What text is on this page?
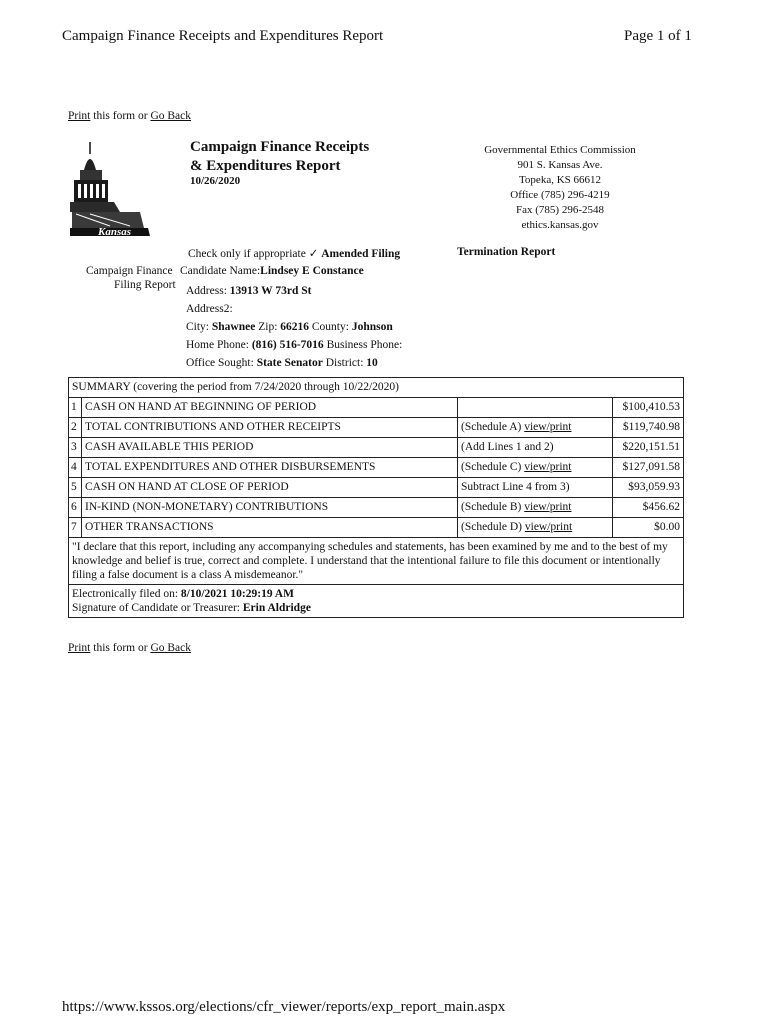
Campaign Finance Receipts and Expenditures Report	Page 1 of 1
Print this form or Go Back
Kansas
Campaign Finance Receipts
& Expenditures Report
10/26/2020
Governmental Ethics Commission
901 S. Kansas Ave.
Topeka, KS 66612
Office (785) 296-4219
Fax (785) 296-2548
ethics.kansas.gov
Check only if appropriate ✓ Amended Filing	Termination Report
Campaign Finance
Filing Report
Candidate Name:Lindsey E Constance
Address: 13913 W 73rd St
Address2:
City: Shawnee Zip: 66216 County: Johnson
Home Phone: (816) 516-7016 Business Phone:
Office Sought: State Senator District: 10
SUMMARY (covering the period from 7/24/2020 through 10/22/2020)			
1	CASH ON HAND AT BEGINNING OF PERIOD		$100,410.53
2	TOTAL CONTRIBUTIONS AND OTHER RECEIPTS	(Schedule A) view/print	$119,740.98
3	CASH AVAILABLE THIS PERIOD	(Add Lines 1 and 2)	$220,151.51
4	TOTAL EXPENDITURES AND OTHER DISBURSEMENTS	(Schedule C) view/print	$127,091.58
5	CASH ON HAND AT CLOSE OF PERIOD	Subtract Line 4 from 3)	$93,059.93
6	IN-KIND (NON-MONETARY) CONTRIBUTIONS	(Schedule B) view/print	$456.62
7	OTHER TRANSACTIONS	(Schedule D) view/print	$0.00
"I declare that this report, including any accompanying schedules and statements, has been examined by me and to the best of my knowledge and belief is true, correct and complete. I understand that the intentional failure to file this document or intentionally filing a false document is a class A misdemeanor."			

Electronically filed on: 8/10/2021 10:29:19 AM
Signature of Candidate or Treasurer: Erin Aldridge			
Print this form or Go Back
https://www.kssos.org/elections/cfr_viewer/reports/exp_report_main.aspx
